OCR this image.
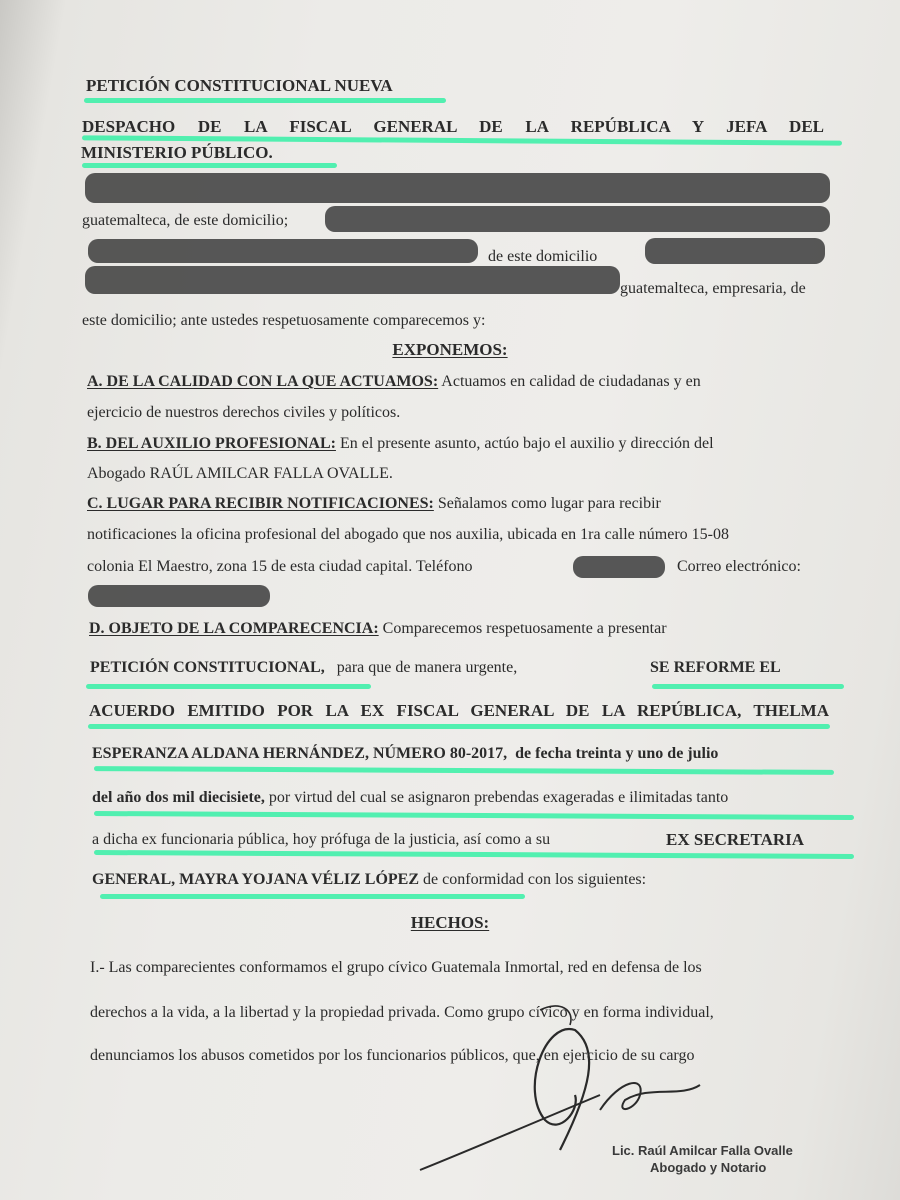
PETICIÓN CONSTITUCIONAL NUEVA
DESPACHO DE LA FISCAL GENERAL DE LA REPÚBLICA Y JEFA DEL
MINISTERIO PÚBLICO.
guatemalteca, de este domicilio;
de este domicilio
guatemalteca, empresaria, de
este domicilio; ante ustedes respetuosamente comparecemos y:
EXPONEMOS:
A. DE LA CALIDAD CON LA QUE ACTUAMOS: Actuamos en calidad de ciudadanas y en
ejercicio de nuestros derechos civiles y políticos.
B. DEL AUXILIO PROFESIONAL: En el presente asunto, actúo bajo el auxilio y dirección del
Abogado RAÚL AMILCAR FALLA OVALLE.
C. LUGAR PARA RECIBIR NOTIFICACIONES: Señalamos como lugar para recibir
notificaciones la oficina profesional del abogado que nos auxilia, ubicada en 1ra calle número 15-08
colonia El Maestro, zona 15 de esta ciudad capital. Teléfono	Correo electrónico:
D. OBJETO DE LA COMPARECENCIA: Comparecemos respetuosamente a presentar
PETICIÓN CONSTITUCIONAL, para que de manera urgente,	SE REFORME EL
ACUERDO EMITIDO POR LA EX FISCAL GENERAL DE LA REPÚBLICA, THELMA
ESPERANZA ALDANA HERNÁNDEZ, NÚMERO 80-2017, de fecha treinta y uno de julio
del año dos mil diecisiete, por virtud del cual se asignaron prebendas exageradas e ilimitadas tanto
a dicha ex funcionaria pública, hoy prófuga de la justicia, así como a su	EX SECRETARIA
GENERAL, MAYRA YOJANA VÉLIZ LÓPEZ de conformidad con los siguientes:
HECHOS:
I.- Las comparecientes conformamos el grupo cívico Guatemala Inmortal, red en defensa de los
derechos a la vida, a la libertad y la propiedad privada. Como grupo cívico y en forma individual,
denunciamos los abusos cometidos por los funcionarios públicos, que, en ejercicio de su cargo
Lic. Raúl Amilcar Falla Ovalle
Abogado y Notario
